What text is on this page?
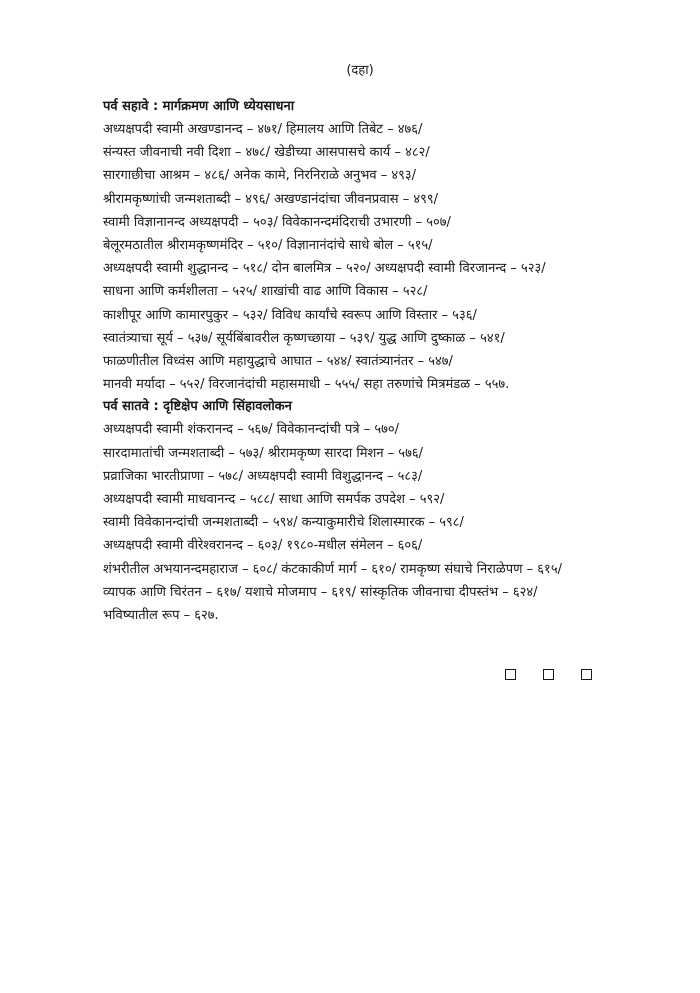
(दहा)
पर्व सहावे : मार्गक्रमण आणि ध्येयसाधना
अध्यक्षपदी स्वामी अखण्डानन्द – ४७१/ हिमालय आणि तिबेट – ४७६/
संन्यस्त जीवनाची नवी दिशा – ४७८/ खेडीच्या आसपासचे कार्य – ४८२/
सारगाछीचा आश्रम – ४८६/ अनेक कामे, निरनिराळे अनुभव – ४९३/
श्रीरामकृष्णांची जन्मशताब्दी – ४९६/ अखण्डानंदांचा जीवनप्रवास – ४९९/
स्वामी विज्ञानानन्द अध्यक्षपदी – ५०३/ विवेकानन्दमंदिराची उभारणी – ५०७/
बेलूरमठातील श्रीरामकृष्णमंदिर – ५१०/ विज्ञानानंदांचे साधे बोल – ५१५/
अध्यक्षपदी स्वामी शुद्धानन्द – ५१८/ दोन बालमित्र – ५२०/ अध्यक्षपदी स्वामी विरजानन्द – ५२३/
साधना आणि कर्मशीलता – ५२५/ शाखांची वाढ आणि विकास – ५२८/
काशीपूर आणि कामारपुकुर – ५३२/ विविध कार्यांचे स्वरूप आणि विस्तार – ५३६/
स्वातंत्र्याचा सूर्य – ५३७/ सूर्यबिंबावरील कृष्णच्छाया – ५३९/ युद्ध आणि दुष्काळ – ५४१/
फाळणीतील विध्वंस आणि महायुद्धाचे आघात – ५४४/ स्वातंत्र्यानंतर – ५४७/
मानवी मर्यादा – ५५२/ विरजानंदांची महासमाधी – ५५५/ सहा तरुणांचे मित्रमंडळ – ५५७.
पर्व सातवे : दृष्टिक्षेप आणि सिंहावलोकन
अध्यक्षपदी स्वामी शंकरानन्द – ५६७/ विवेकानन्दांची पत्रे – ५७०/
सारदामातांची जन्मशताब्दी – ५७३/ श्रीरामकृष्ण सारदा मिशन – ५७६/
प्रव्राजिका भारतीप्राणा – ५७८/ अध्यक्षपदी स्वामी विशुद्धानन्द – ५८३/
अध्यक्षपदी स्वामी माधवानन्द – ५८८/ साधा आणि समर्पक उपदेश – ५९२/
स्वामी विवेकानन्दांची जन्मशताब्दी – ५९४/ कन्याकुमारीचे शिलास्मारक – ५९८/
अध्यक्षपदी स्वामी वीरेश्वरानन्द – ६०३/ १९८०-मधील संमेलन – ६०६/
शंभरीतील अभयानन्दमहाराज – ६०८/ कंटकाकीर्ण मार्ग – ६१०/ रामकृष्ण संघाचे निराळेपण – ६१५/
व्यापक आणि चिरंतन – ६१७/ यशाचे मोजमाप – ६१९/ सांस्कृतिक जीवनाचा दीपस्तंभ – ६२४/
भविष्यातील रूप – ६२७.
